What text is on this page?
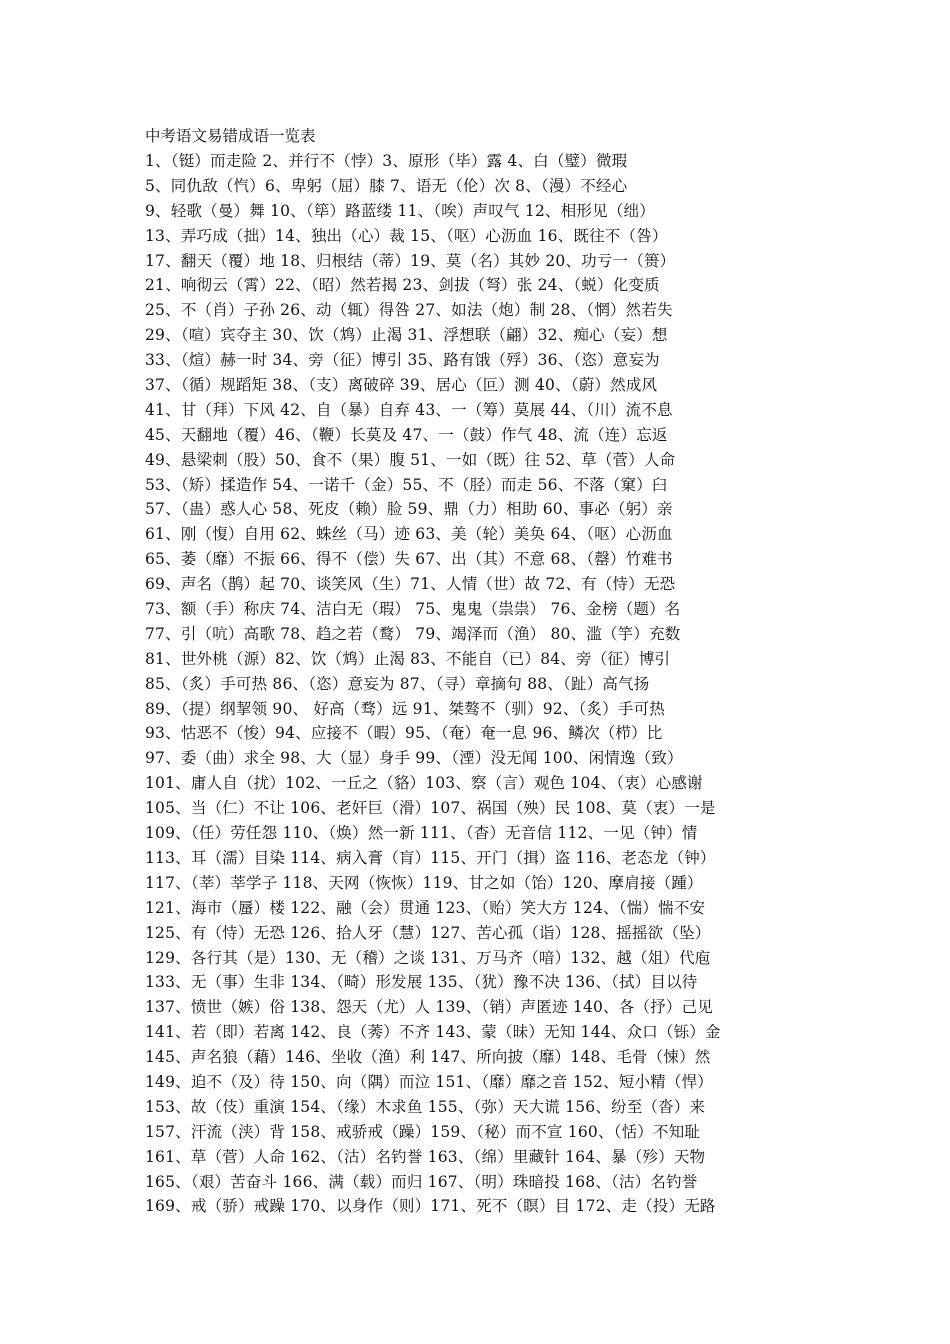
中考语文易错成语一览表
1、（铤）而走险 2、并行不（悖）3、原形（毕）露 4、白（璧）微瑕
5、同仇敌（忾）6、卑躬（屈）膝 7、语无（伦）次 8、（漫）不经心
9、轻歌（曼）舞 10、（筚）路蓝缕 11、（唉）声叹气 12、相形见（绌）
13、弄巧成（拙）14、独出（心）裁 15、（呕）心沥血 16、既往不（咎）
17、翻天（覆）地 18、归根结（蒂）19、莫（名）其妙 20、功亏一（篑）
21、响彻云（霄）22、（昭）然若揭 23、剑拔（弩）张 24、（蜕）化变质
25、不（肖）子孙 26、动（辄）得咎 27、如法（炮）制 28、（惘）然若失
29、（喧）宾夺主 30、饮（鸩）止渴 31、浮想联（翩）32、痴心（妄）想
33、（煊）赫一时 34、旁（征）博引 35、路有饿（殍）36、（恣）意妄为
37、（循）规蹈矩 38、（支）离破碎 39、居心（叵）测 40、（蔚）然成风
41、甘（拜）下风 42、自（暴）自弃 43、一（筹）莫展 44、（川）流不息
45、天翻地（覆）46、（鞭）长莫及 47、一（鼓）作气 48、流（连）忘返
49、悬梁刺（股）50、食不（果）腹 51、一如（既）往 52、草（菅）人命
53、（矫）揉造作 54、一诺千（金）55、不（胫）而走 56、不落（窠）臼
57、（蛊）惑人心 58、死皮（赖）脸 59、鼎（力）相助 60、事必（躬）亲
61、刚（愎）自用 62、蛛丝（马）迹 63、美（轮）美奂 64、（呕）心沥血
65、萎（靡）不振 66、得不（偿）失 67、出（其）不意 68、（罄）竹难书
69、声名（鹊）起 70、谈笑风（生）71、人情（世）故 72、有（恃）无恐
73、额（手）称庆 74、洁白无（瑕） 75、鬼鬼（祟祟） 76、金榜（题）名
77、引（吭）高歌 78、趋之若（鹜） 79、竭泽而（渔） 80、滥（竽）充数
81、世外桃（源）82、饮（鸩）止渴 83、不能自（已）84、旁（征）博引
85、（炙）手可热 86、（恣）意妄为 87、（寻）章摘句 88、（趾）高气扬
89、（提）纲挈领 90、 好高（骛）远 91、桀骜不（驯）92、（炙）手可热
93、怙恶不（悛）94、应接不（暇）95、（奄）奄一息 96、鳞次（栉）比
97、委（曲）求全 98、大（显）身手 99、（湮）没无闻 100、闲情逸（致）
101、庸人自（扰）102、一丘之（貉）103、察（言）观色 104、（衷）心感谢
105、当（仁）不让 106、老奸巨（滑）107、祸国（殃）民 108、莫（衷）一是
109、（任）劳任怨 110、（焕）然一新 111、（杳）无音信 112、一见（钟）情
113、耳（濡）目染 114、病入膏（肓）115、开门（揖）盗 116、老态龙（钟）
117、（莘）莘学子 118、天网（恢恢）119、甘之如（饴）120、摩肩接（踵）
121、海市（蜃）楼 122、融（会）贯通 123、（贻）笑大方 124、（惴）惴不安
125、有（恃）无恐 126、拾人牙（慧）127、苦心孤（诣）128、摇摇欲（坠）
129、各行其（是）130、无（稽）之谈 131、万马齐（喑）132、越（俎）代庖
133、无（事）生非 134、（畸）形发展 135、（犹）豫不决 136、（拭）目以待
137、愤世（嫉）俗 138、怨天（尤）人 139、（销）声匿迹 140、各（抒）己见
141、若（即）若离 142、良（莠）不齐 143、蒙（昧）无知 144、众口（铄）金
145、声名狼（藉）146、坐收（渔）利 147、所向披（靡）148、毛骨（悚）然
149、迫不（及）待 150、向（隅）而泣 151、（靡）靡之音 152、短小精（悍）
153、故（伎）重演 154、（缘）木求鱼 155、（弥）天大谎 156、纷至（沓）来
157、汗流（浃）背 158、戒骄戒（躁）159、（秘）而不宣 160、（恬）不知耻
161、草（菅）人命 162、（沽）名钓誉 163、（绵）里藏针 164、暴（殄）天物
165、（艰）苦奋斗 166、满（载）而归 167、（明）珠暗投 168、（沽）名钓誉
169、戒（骄）戒躁 170、以身作（则）171、死不（瞑）目 172、走（投）无路
